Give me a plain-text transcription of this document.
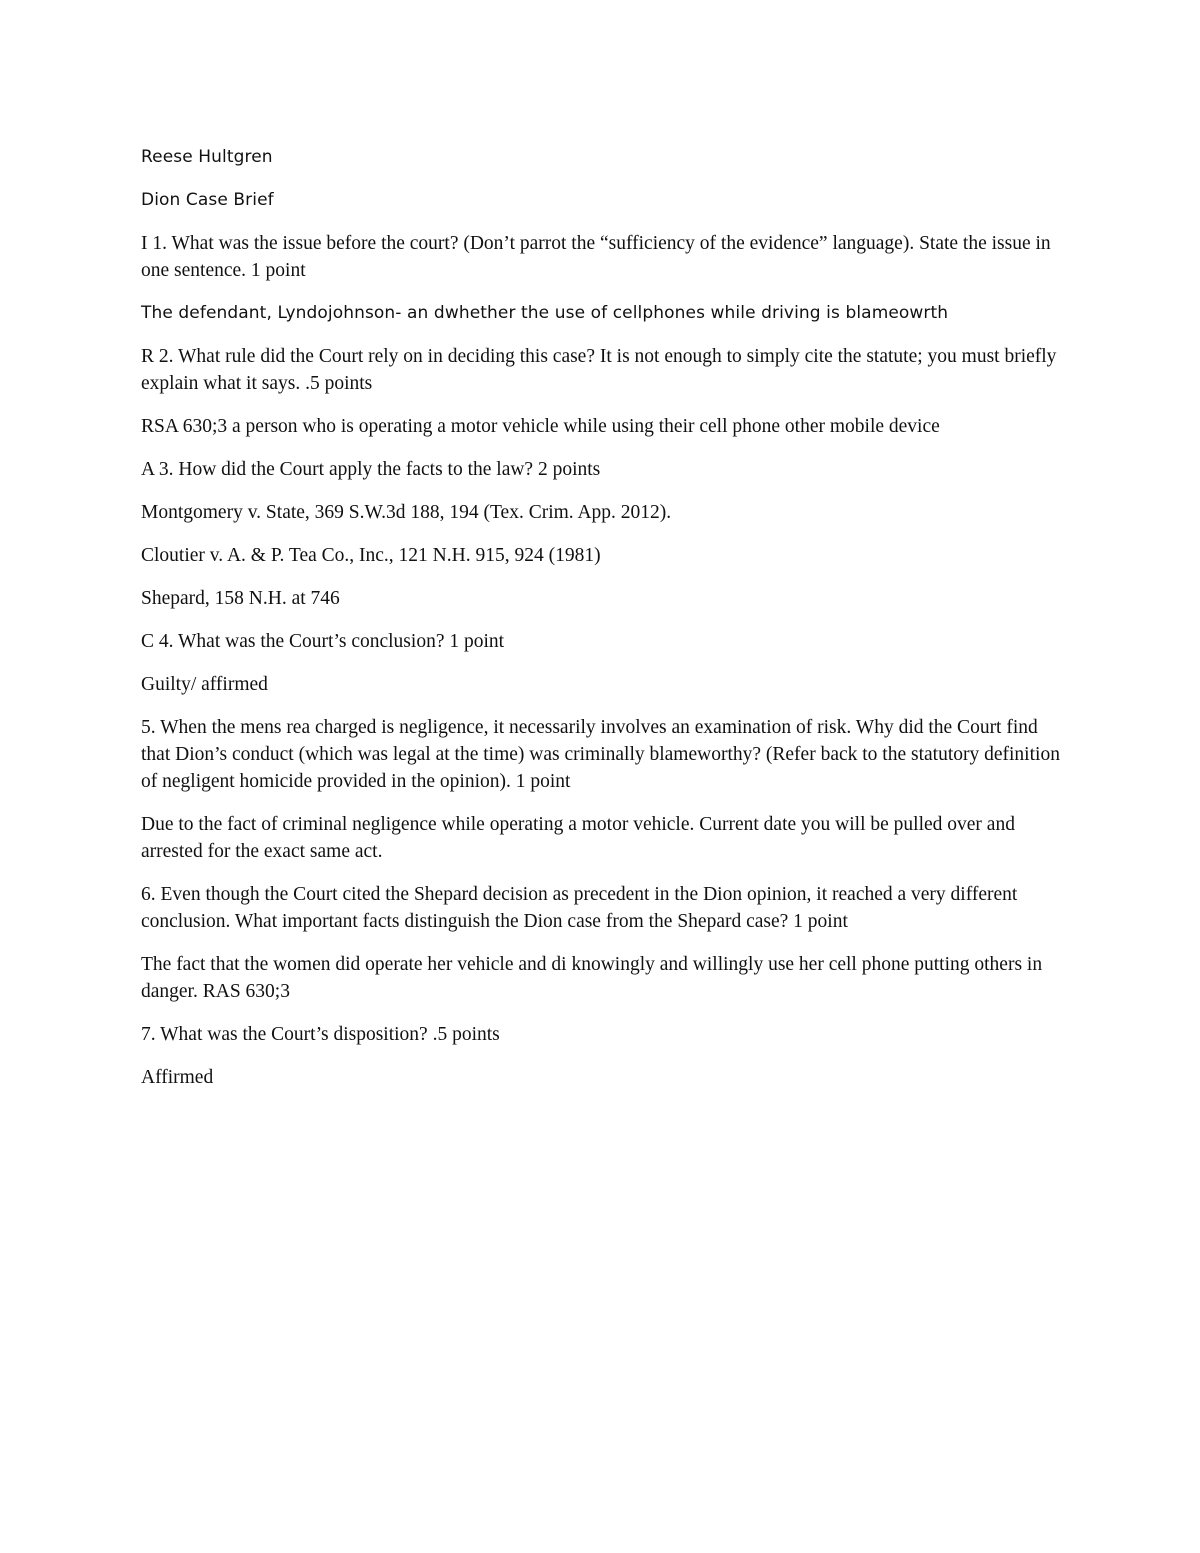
Reese Hultgren

Dion Case Brief

I 1. What was the issue before the court? (Don’t parrot the “sufficiency of the evidence” language). State the issue in one sentence. 1 point

The defendant, Lyndojohnson- an dwhether the use of cellphones while driving is blameowrth

R 2. What rule did the Court rely on in deciding this case? It is not enough to simply cite the statute; you must briefly explain what it says. .5 points

RSA 630;3 a person who is operating a motor vehicle while using their cell phone other mobile device

A 3. How did the Court apply the facts to the law? 2 points

Montgomery v. State, 369 S.W.3d 188, 194 (Tex. Crim. App. 2012).

Cloutier v. A. & P. Tea Co., Inc., 121 N.H. 915, 924 (1981)

Shepard, 158 N.H. at 746

C 4. What was the Court’s conclusion? 1 point

Guilty/ affirmed

5. When the mens rea charged is negligence, it necessarily involves an examination of risk. Why did the Court find that Dion’s conduct (which was legal at the time) was criminally blameworthy? (Refer back to the statutory definition of negligent homicide provided in the opinion). 1 point

Due to the fact of criminal negligence while operating a motor vehicle. Current date you will be pulled over and arrested for the exact same act.

6. Even though the Court cited the Shepard decision as precedent in the Dion opinion, it reached a very different conclusion. What important facts distinguish the Dion case from the Shepard case? 1 point

The fact that the women did operate her vehicle and di knowingly and willingly use her cell phone putting others in danger. RAS 630;3

7. What was the Court’s disposition? .5 points

Affirmed
